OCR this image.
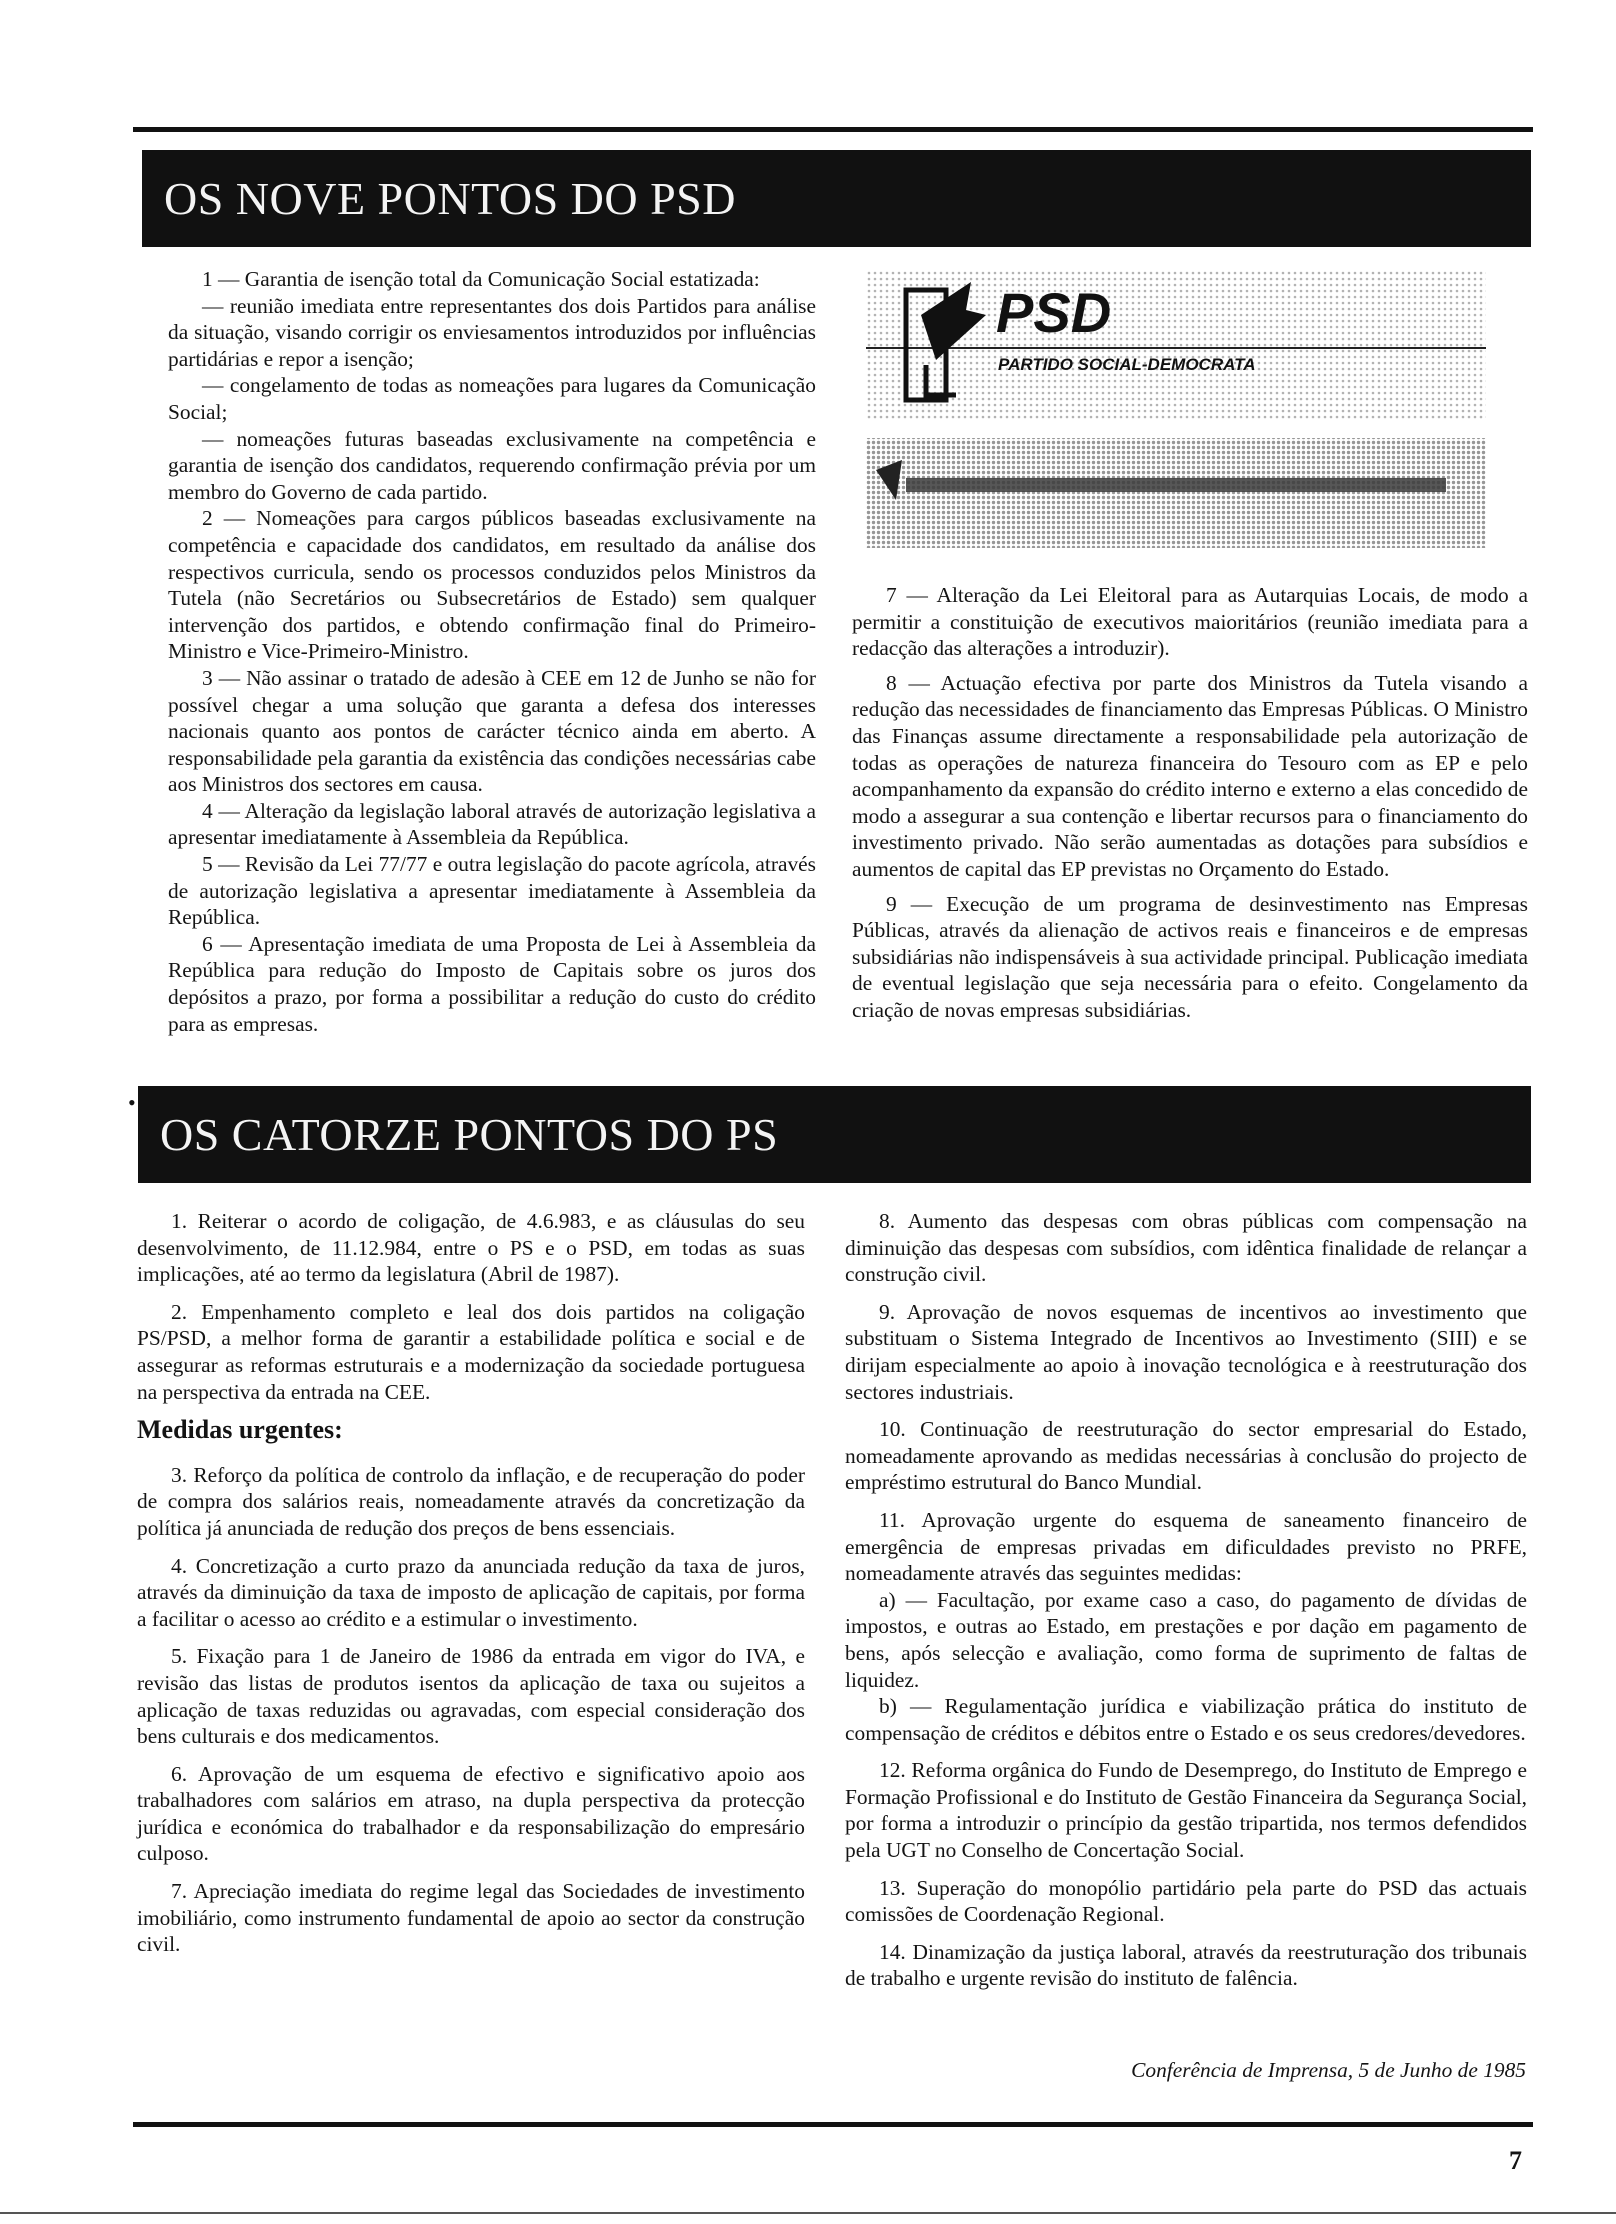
OS NOVE PONTOS DO PSD

1 — Garantia de isenção total da Comunicação Social estatizada:

— reunião imediata entre representantes dos dois Partidos para análise da situação, visando corrigir os enviesamentos introduzidos por influências partidárias e repor a isenção;

— congelamento de todas as nomeações para lugares da Comunicação Social;

— nomeações futuras baseadas exclusivamente na competência e garantia de isenção dos candidatos, requerendo confirmação prévia por um membro do Governo de cada partido.

2 — Nomeações para cargos públicos baseadas exclusivamente na competência e capacidade dos candidatos, em resultado da análise dos respectivos curricula, sendo os processos conduzidos pelos Ministros da Tutela (não Secretários ou Subsecretários de Estado) sem qualquer intervenção dos partidos, e obtendo confirmação final do Primeiro-Ministro e Vice-Primeiro-Ministro.

3 — Não assinar o tratado de adesão à CEE em 12 de Junho se não for possível chegar a uma solução que garanta a defesa dos interesses nacionais quanto aos pontos de carácter técnico ainda em aberto. A responsabilidade pela garantia da existência das condições necessárias cabe aos Ministros dos sectores em causa.

4 — Alteração da legislação laboral através de autorização legislativa a apresentar imediatamente à Assembleia da República.

5 — Revisão da Lei 77/77 e outra legislação do pacote agrícola, através de autorização legislativa a apresentar imediatamente à Assembleia da República.

6 — Apresentação imediata de uma Proposta de Lei à Assembleia da República para redução do Imposto de Capitais sobre os juros dos depósitos a prazo, por forma a possibilitar a redução do custo do crédito para as empresas.

PSD
PARTIDO SOCIAL-DEMOCRATA

7 — Alteração da Lei Eleitoral para as Autarquias Locais, de modo a permitir a constituição de executivos maioritários (reunião imediata para a redacção das alterações a introduzir).

8 — Actuação efectiva por parte dos Ministros da Tutela visando a redução das necessidades de financiamento das Empresas Públicas. O Ministro das Finanças assume directamente a responsabilidade pela autorização de todas as operações de natureza financeira do Tesouro com as EP e pelo acompanhamento da expansão do crédito interno e externo a elas concedido de modo a assegurar a sua contenção e libertar recursos para o financiamento do investimento privado. Não serão aumentadas as dotações para subsídios e aumentos de capital das EP previstas no Orçamento do Estado.

9 — Execução de um programa de desinvestimento nas Empresas Públicas, através da alienação de activos reais e financeiros e de empresas subsidiárias não indispensáveis à sua actividade principal. Publicação imediata de eventual legislação que seja necessária para o efeito. Congelamento da criação de novas empresas subsidiárias.

•
OS CATORZE PONTOS DO PS

1. Reiterar o acordo de coligação, de 4.6.983, e as cláusulas do seu desenvolvimento, de 11.12.984, entre o PS e o PSD, em todas as suas implicações, até ao termo da legislatura (Abril de 1987).

2. Empenhamento completo e leal dos dois partidos na coligação PS/PSD, a melhor forma de garantir a estabilidade política e social e de assegurar as reformas estruturais e a modernização da sociedade portuguesa na perspectiva da entrada na CEE.

Medidas urgentes:

3. Reforço da política de controlo da inflação, e de recuperação do poder de compra dos salários reais, nomeadamente através da concretização da política já anunciada de redução dos preços de bens essenciais.

4. Concretização a curto prazo da anunciada redução da taxa de juros, através da diminuição da taxa de imposto de aplicação de capitais, por forma a facilitar o acesso ao crédito e a estimular o investimento.

5. Fixação para 1 de Janeiro de 1986 da entrada em vigor do IVA, e revisão das listas de produtos isentos da aplicação de taxa ou sujeitos a aplicação de taxas reduzidas ou agravadas, com especial consideração dos bens culturais e dos medicamentos.

6. Aprovação de um esquema de efectivo e significativo apoio aos trabalhadores com salários em atraso, na dupla perspectiva da protecção jurídica e económica do trabalhador e da responsabilização do empresário culposo.

7. Apreciação imediata do regime legal das Sociedades de investimento imobiliário, como instrumento fundamental de apoio ao sector da construção civil.

8. Aumento das despesas com obras públicas com compensação na diminuição das despesas com subsídios, com idêntica finalidade de relançar a construção civil.

9. Aprovação de novos esquemas de incentivos ao investimento que substituam o Sistema Integrado de Incentivos ao Investimento (SIII) e se dirijam especialmente ao apoio à inovação tecnológica e à reestruturação dos sectores industriais.

10. Continuação de reestruturação do sector empresarial do Estado, nomeadamente aprovando as medidas necessárias à conclusão do projecto de empréstimo estrutural do Banco Mundial.

11. Aprovação urgente do esquema de saneamento financeiro de emergência de empresas privadas em dificuldades previsto no PRFE, nomeadamente através das seguintes medidas:

a) — Facultação, por exame caso a caso, do pagamento de dívidas de impostos, e outras ao Estado, em prestações e por dação em pagamento de bens, após selecção e avaliação, como forma de suprimento de faltas de liquidez.

b) — Regulamentação jurídica e viabilização prática do instituto de compensação de créditos e débitos entre o Estado e os seus credores/devedores.

12. Reforma orgânica do Fundo de Desemprego, do Instituto de Emprego e Formação Profissional e do Instituto de Gestão Financeira da Segurança Social, por forma a introduzir o princípio da gestão tripartida, nos termos defendidos pela UGT no Conselho de Concertação Social.

13. Superação do monopólio partidário pela parte do PSD das actuais comissões de Coordenação Regional.

14. Dinamização da justiça laboral, através da reestruturação dos tribunais de trabalho e urgente revisão do instituto de falência.

Conferência de Imprensa, 5 de Junho de 1985
7
